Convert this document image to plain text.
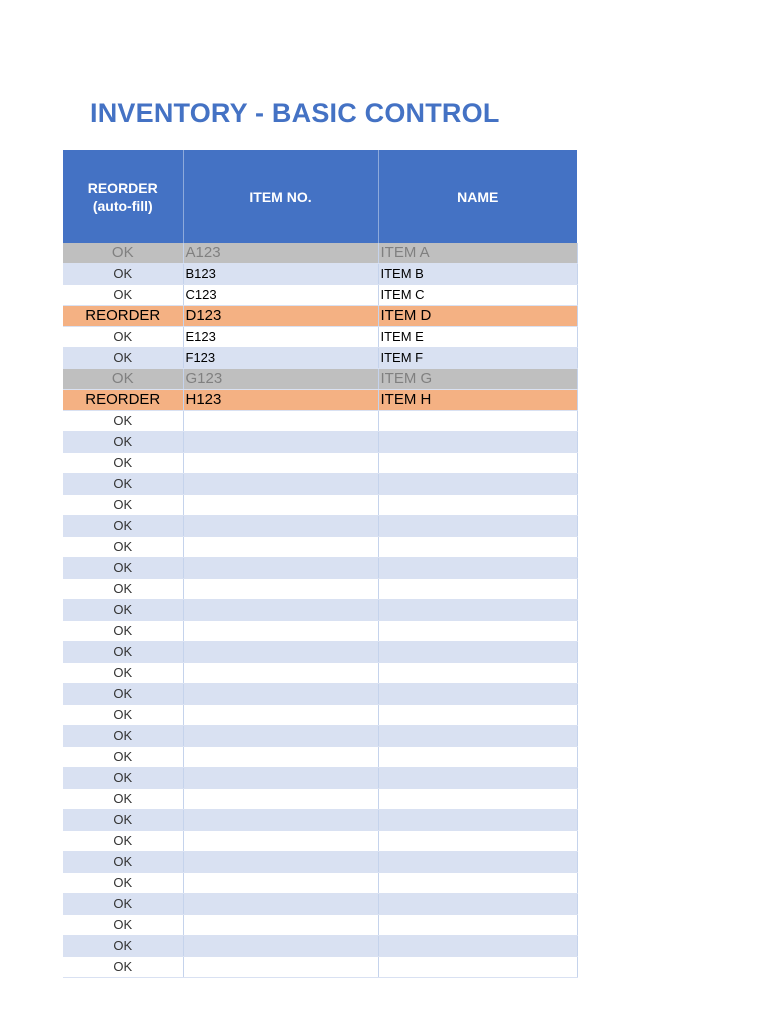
INVENTORY - BASIC CONTROL
REORDER
(auto-fill)	ITEM NO.	NAME
OK	A123	ITEM A
OK	B123	ITEM B
OK	C123	ITEM C
REORDER	D123	ITEM D
OK	E123	ITEM E
OK	F123	ITEM F
OK	G123	ITEM G
REORDER	H123	ITEM H
OK		
OK		
OK		
OK		
OK		
OK		
OK		
OK		
OK		
OK		
OK		
OK		
OK		
OK		
OK		
OK		
OK		
OK		
OK		
OK		
OK		
OK		
OK		
OK		
OK		
OK		
OK		
